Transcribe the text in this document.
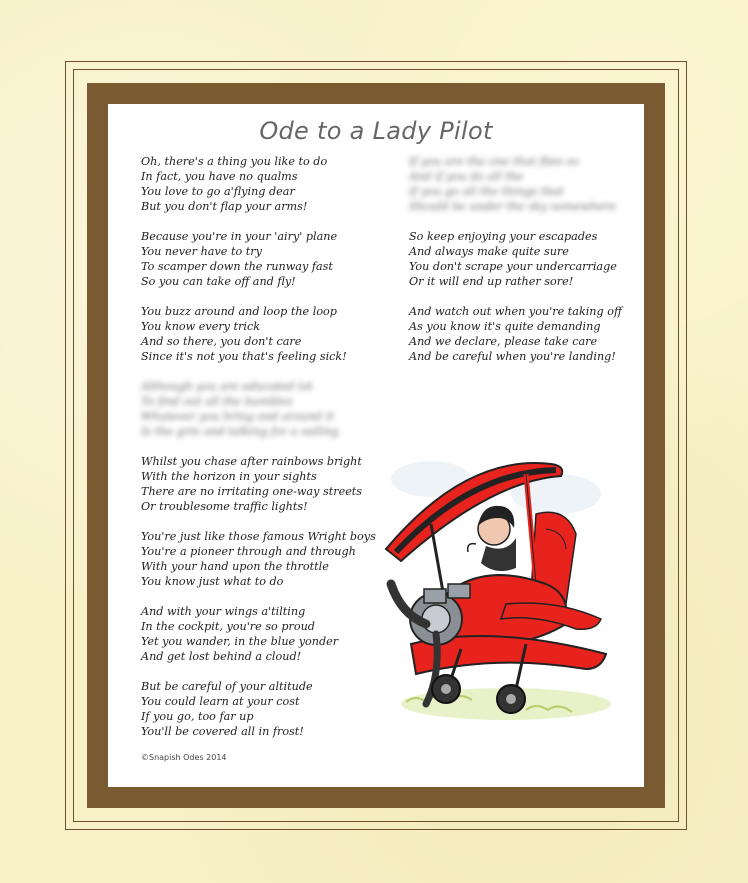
Ode to a Lady Pilot
Oh, there's a thing you like to do
In fact, you have no qualms
You love to go a'flying dear
But you don't flap your arms!
Because you're in your 'airy' plane
You never have to try
To scamper down the runway fast
So you can take off and fly!
You buzz around and loop the loop
You know every trick
And so there, you don't care
Since it's not you that's feeling sick!
Although you are educated lot
To find out all the bumbles
Whatever you bring and around it
Is the grin and talking for a sailing
Whilst you chase after rainbows bright
With the horizon in your sights
There are no irritating one-way streets
Or troublesome traffic lights!
You're just like those famous Wright boys
You're a pioneer through and through
With your hand upon the throttle
You know just what to do
And with your wings a'tilting
In the cockpit, you're so proud
Yet you wander, in the blue yonder
And get lost behind a cloud!
But be careful of your altitude
You could learn at your cost
If you go, too far up
You'll be covered all in frost!
If you are the one that flies so
And if you do all the
If you go all the things that
Should be under the sky somewhere
So keep enjoying your escapades
And always make quite sure
You don't scrape your undercarriage
Or it will end up rather sore!
And watch out when you're taking off
As you know it's quite demanding
And we declare, please take care
And be careful when you're landing!
©Snapish Odes 2014
